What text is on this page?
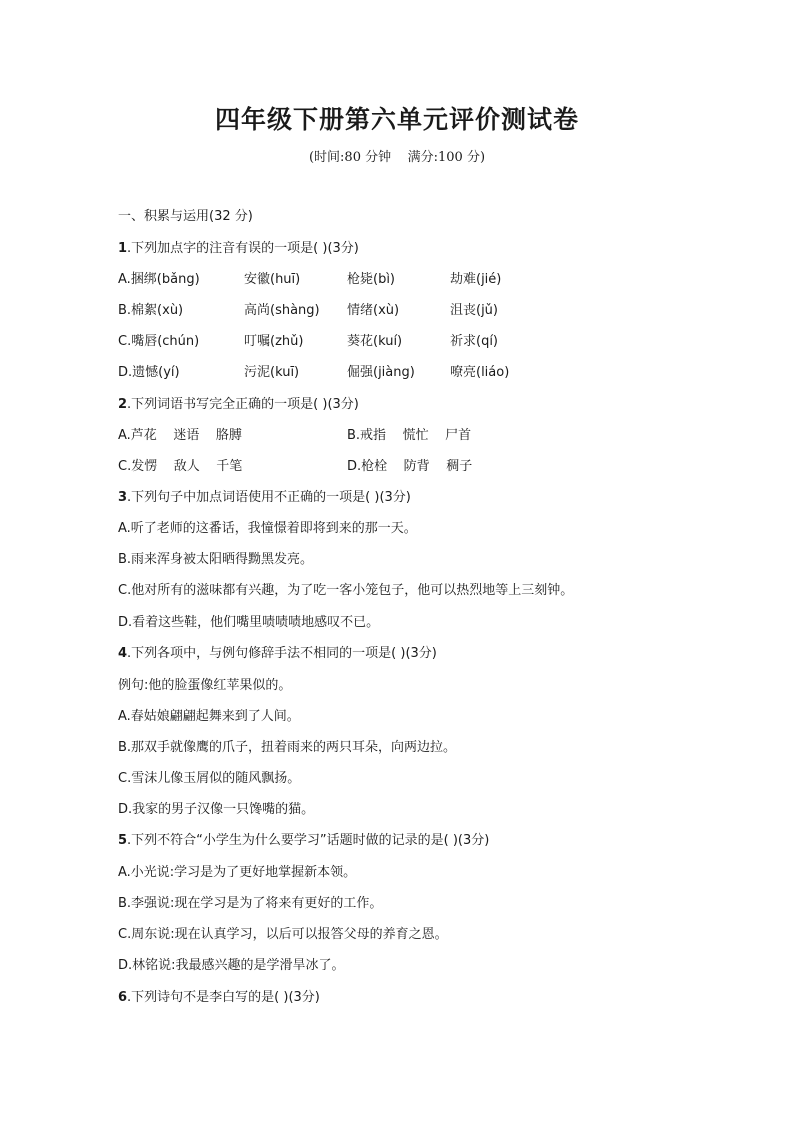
四年级下册第六单元评价测试卷
(时间:80 分钟    满分:100 分)
一、积累与运用(32 分)
1.下列加点字的注音有误的一项是( )(3分)
A.捆绑(bǎng)	安徽(huī)	枪毙(bì)	劫难(jié)
B.棉絮(xù)	高尚(shàng) 情绪(xù)	沮丧(jǔ)
C.嘴唇(chún)	叮嘱(zhǔ)	葵花(kuí)	祈求(qí)
D.遗憾(yí)	污泥(kuī)	倔强(jiàng)	嘹亮(liáo)
2.下列词语书写完全正确的一项是( )(3分)
A.芦花    迷语    胳膊	B.戒指    慌忙    尸首
C.发愣    敌人    千笔	D.枪栓    防背    稠子
3.下列句子中加点词语使用不正确的一项是( )(3分)
A.听了老师的这番话，我憧憬着即将到来的那一天。
B.雨来浑身被太阳晒得黝黑发亮。
C.他对所有的滋味都有兴趣，为了吃一客小笼包子，他可以热烈地等上三刻钟。
D.看着这些鞋，他们嘴里啧啧啧地感叹不已。
4.下列各项中，与例句修辞手法不相同的一项是( )(3分)
例句:他的脸蛋像红苹果似的。
A.春姑娘翩翩起舞来到了人间。
B.那双手就像鹰的爪子，扭着雨来的两只耳朵，向两边拉。
C.雪沫儿像玉屑似的随风飘扬。
D.我家的男子汉像一只馋嘴的猫。
5.下列不符合“小学生为什么要学习”话题时做的记录的是( )(3分)
A.小光说:学习是为了更好地掌握新本领。
B.李强说:现在学习是为了将来有更好的工作。
C.周东说:现在认真学习，以后可以报答父母的养育之恩。
D.林铭说:我最感兴趣的是学滑旱冰了。
6.下列诗句不是李白写的是( )(3分)
